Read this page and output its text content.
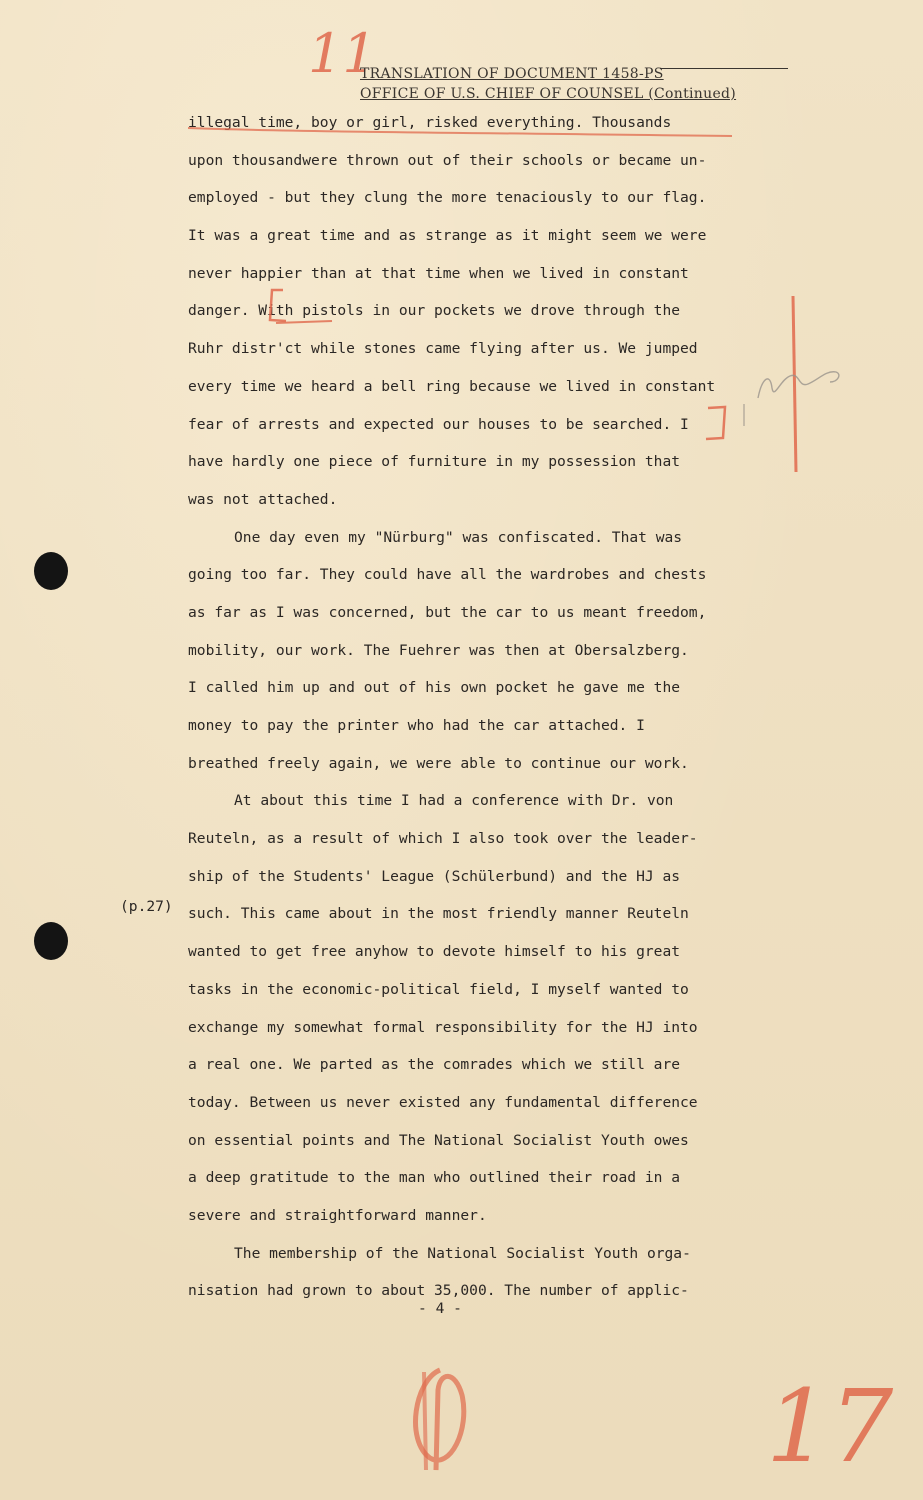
11
TRANSLATION OF DOCUMENT 1458-PS
OFFICE OF U.S. CHIEF OF COUNSEL (Continued)
illegal time, boy or girl, risked everything. Thousands
upon thousandwere thrown out of their schools or became un-
employed - but they clung the more tenaciously to our flag.
It was a great time and as strange as it might seem we were
never happier than at that time when we lived in constant
danger. With pistols in our pockets we drove through the
Ruhr distr'ct while stones came flying after us. We jumped
every time we heard a bell ring because we lived in constant
fear of arrests and expected our houses to be searched. I
have hardly one piece of furniture in my possession that
was not attached.
One day even my "Nürburg" was confiscated. That was
going too far. They could have all the wardrobes and chests
as far as I was concerned, but the car to us meant freedom,
mobility, our work. The Fuehrer was then at Obersalzberg.
I called him up and out of his own pocket he gave me the
money to pay the printer who had the car attached. I
breathed freely again, we were able to continue our work.
At about this time I had a conference with Dr. von
Reuteln, as a result of which I also took over the leader-
ship of the Students' League (Schülerbund) and the HJ as
such. This came about in the most friendly manner Reuteln
wanted to get free anyhow to devote himself to his great
tasks in the economic-political field, I myself wanted to
exchange my somewhat formal responsibility for the HJ into
a real one. We parted as the comrades which we still are
today. Between us never existed any fundamental difference
on essential points and The National Socialist Youth owes
a deep gratitude to the man who outlined their road in a
severe and straightforward manner.
The membership of the National Socialist Youth orga-
nisation had grown to about 35,000. The number of applic-
(p.27)
- 4 -
17
